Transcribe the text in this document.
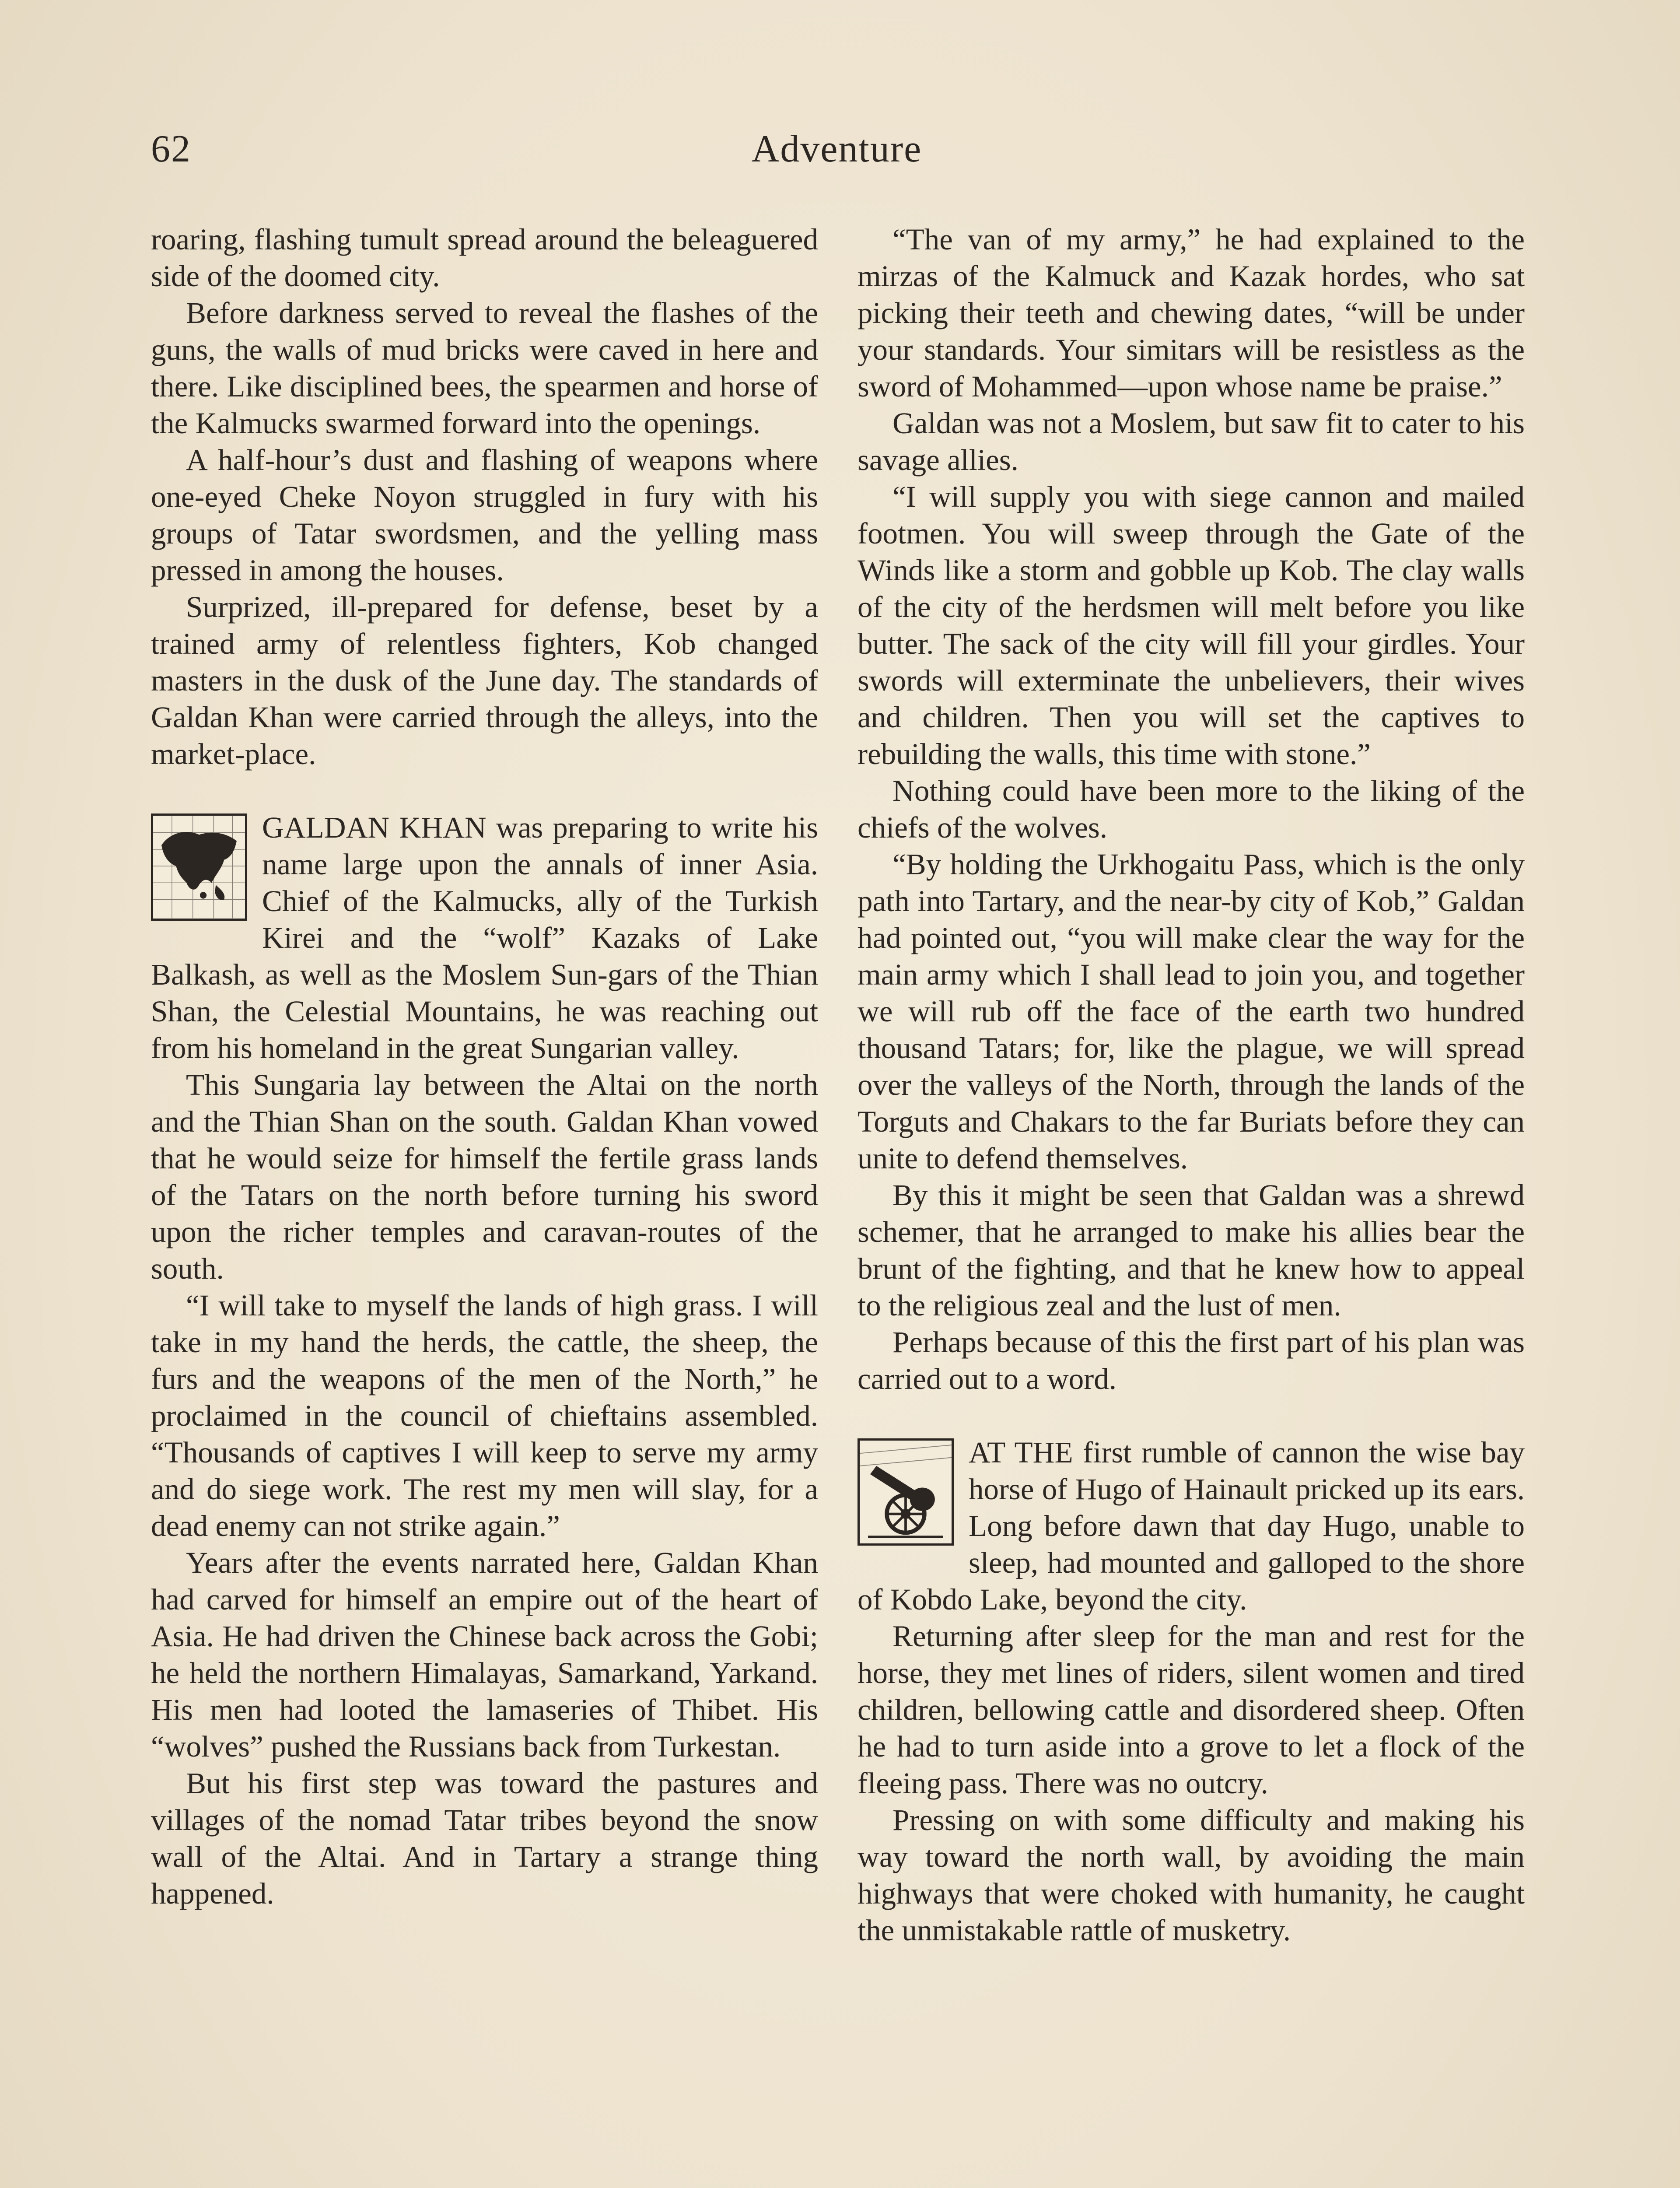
62	Adventure

roaring, flashing tumult spread around the beleaguered side of the doomed city.

Before darkness served to reveal the flashes of the guns, the walls of mud bricks were caved in here and there. Like disciplined bees, the spearmen and horse of the Kalmucks swarmed forward into the openings.

A half-hour’s dust and flashing of weapons where one-eyed Cheke Noyon struggled in fury with his groups of Tatar swordsmen, and the yelling mass pressed in among the houses.

Surprized, ill-prepared for defense, beset by a trained army of relentless fighters, Kob changed masters in the dusk of the June day. The standards of Galdan Khan were carried through the alleys, into the market-place.

GALDAN KHAN was preparing to write his name large upon the annals of inner Asia. Chief of the Kalmucks, ally of the Turkish Kirei and the “wolf” Kazaks of Lake Balkash, as well as the Moslem Sun-gars of the Thian Shan, the Celestial Mountains, he was reaching out from his homeland in the great Sungarian valley.

This Sungaria lay between the Altai on the north and the Thian Shan on the south. Galdan Khan vowed that he would seize for himself the fertile grass lands of the Tatars on the north before turning his sword upon the richer temples and caravan-routes of the south.

“I will take to myself the lands of high grass. I will take in my hand the herds, the cattle, the sheep, the furs and the weapons of the men of the North,” he proclaimed in the council of chieftains assembled. “Thousands of captives I will keep to serve my army and do siege work. The rest my men will slay, for a dead enemy can not strike again.”

Years after the events narrated here, Galdan Khan had carved for himself an empire out of the heart of Asia. He had driven the Chinese back across the Gobi; he held the northern Himalayas, Samarkand, Yarkand. His men had looted the lamaseries of Thibet. His “wolves” pushed the Russians back from Turkestan.

But his first step was toward the pastures and villages of the nomad Tatar tribes beyond the snow wall of the Altai. And in Tartary a strange thing happened.

“The van of my army,” he had explained to the mirzas of the Kalmuck and Kazak hordes, who sat picking their teeth and chewing dates, “will be under your standards. Your simitars will be resistless as the sword of Mohammed—upon whose name be praise.”

Galdan was not a Moslem, but saw fit to cater to his savage allies.

“I will supply you with siege cannon and mailed footmen. You will sweep through the Gate of the Winds like a storm and gobble up Kob. The clay walls of the city of the herdsmen will melt before you like butter. The sack of the city will fill your girdles. Your swords will exterminate the unbelievers, their wives and children. Then you will set the captives to rebuilding the walls, this time with stone.”

Nothing could have been more to the liking of the chiefs of the wolves.

“By holding the Urkhogaitu Pass, which is the only path into Tartary, and the near-by city of Kob,” Galdan had pointed out, “you will make clear the way for the main army which I shall lead to join you, and together we will rub off the face of the earth two hundred thousand Tatars; for, like the plague, we will spread over the valleys of the North, through the lands of the Torguts and Chakars to the far Buriats before they can unite to defend themselves.

By this it might be seen that Galdan was a shrewd schemer, that he arranged to make his allies bear the brunt of the fighting, and that he knew how to appeal to the religious zeal and the lust of men.

Perhaps because of this the first part of his plan was carried out to a word.

AT THE first rumble of cannon the wise bay horse of Hugo of Hainault pricked up its ears. Long before dawn that day Hugo, unable to sleep, had mounted and galloped to the shore of Kobdo Lake, beyond the city.

Returning after sleep for the man and rest for the horse, they met lines of riders, silent women and tired children, bellowing cattle and disordered sheep. Often he had to turn aside into a grove to let a flock of the fleeing pass. There was no outcry.

Pressing on with some difficulty and making his way toward the north wall, by avoiding the main highways that were choked with humanity, he caught the unmistakable rattle of musketry.
